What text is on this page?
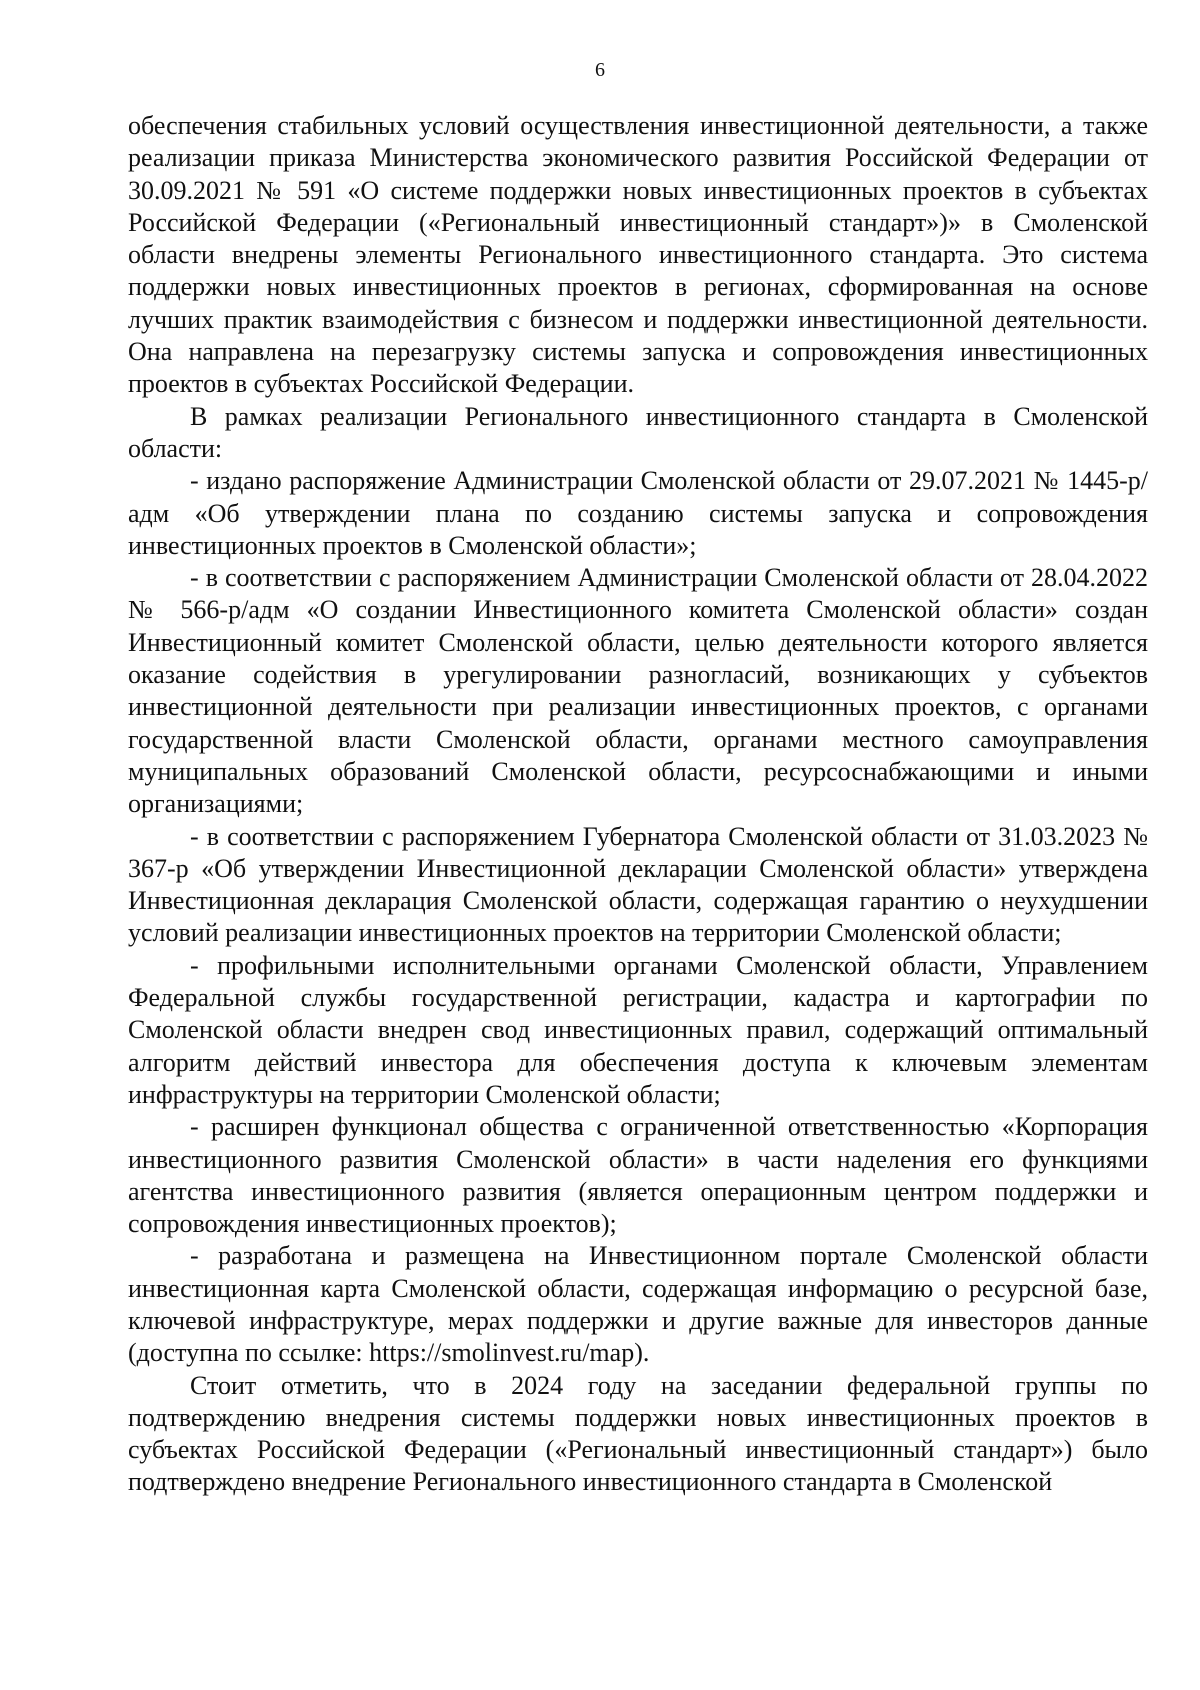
6

обеспечения стабильных условий осуществления инвестиционной деятельности, а также реализации приказа Министерства экономического развития Российской Федерации от 30.09.2021 № 591 «О системе поддержки новых инвестиционных проектов в субъектах Российской Федерации («Региональный инвестиционный стандарт»)» в Смоленской области внедрены элементы Регионального инвестиционного стандарта. Это система поддержки новых инвестиционных проектов в регионах, сформированная на основе лучших практик взаимодействия с бизнесом и поддержки инвестиционной деятельности. Она направлена на перезагрузку системы запуска и сопровождения инвестиционных проектов в субъектах Российской Федерации.

В рамках реализации Регионального инвестиционного стандарта в Смоленской области:

- издано распоряжение Администрации Смоленской области от 29.07.2021 № 1445-р/адм «Об утверждении плана по созданию системы запуска и сопровождения инвестиционных проектов в Смоленской области»;

- в соответствии с распоряжением Администрации Смоленской области от 28.04.2022 № 566-р/адм «О создании Инвестиционного комитета Смоленской области» создан Инвестиционный комитет Смоленской области, целью деятельности которого является оказание содействия в урегулировании разногласий, возникающих у субъектов инвестиционной деятельности при реализации инвестиционных проектов, с органами государственной власти Смоленской области, органами местного самоуправления муниципальных образований Смоленской области, ресурсоснабжающими и иными организациями;

- в соответствии с распоряжением Губернатора Смоленской области от 31.03.2023 № 367-р «Об утверждении Инвестиционной декларации Смоленской области» утверждена Инвестиционная декларация Смоленской области, содержащая гарантию о неухудшении условий реализации инвестиционных проектов на территории Смоленской области;

- профильными исполнительными органами Смоленской области, Управлением Федеральной службы государственной регистрации, кадастра и картографии по Смоленской области внедрен свод инвестиционных правил, содержащий оптимальный алгоритм действий инвестора для обеспечения доступа к ключевым элементам инфраструктуры на территории Смоленской области;

- расширен функционал общества с ограниченной ответственностью «Корпорация инвестиционного развития Смоленской области» в части наделения его функциями агентства инвестиционного развития (является операционным центром поддержки и сопровождения инвестиционных проектов);

- разработана и размещена на Инвестиционном портале Смоленской области инвестиционная карта Смоленской области, содержащая информацию о ресурсной базе, ключевой инфраструктуре, мерах поддержки и другие важные для инвесторов данные (доступна по ссылке: https://smolinvest.ru/map).

Стоит отметить, что в 2024 году на заседании федеральной группы по подтверждению внедрения системы поддержки новых инвестиционных проектов в субъектах Российской Федерации («Региональный инвестиционный стандарт») было подтверждено внедрение Регионального инвестиционного стандарта в Смоленской
